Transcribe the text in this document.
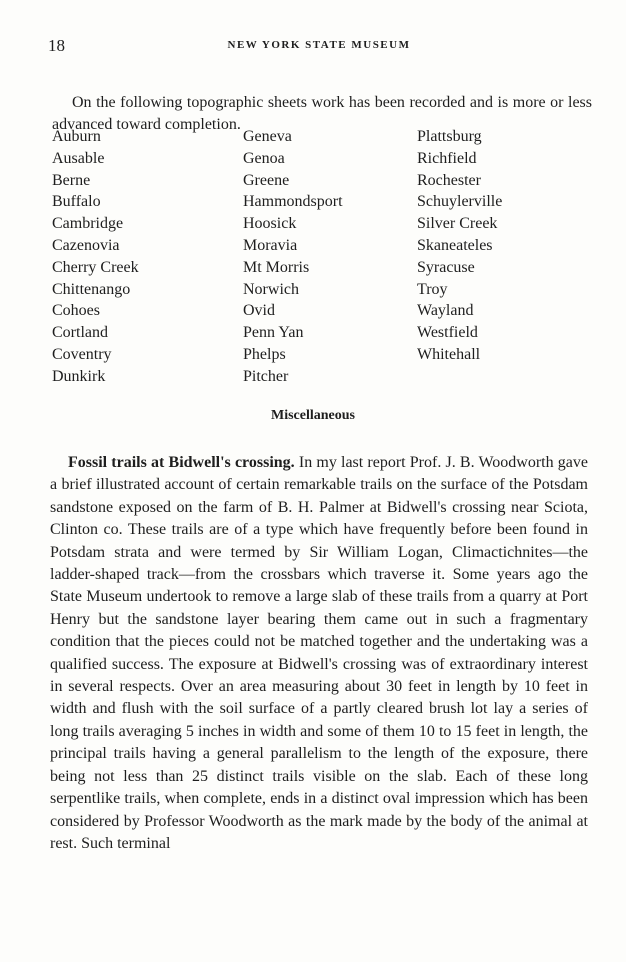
18	NEW YORK STATE MUSEUM

On the following topographic sheets work has been recorded and is more or less advanced toward completion.

Auburn
Ausable
Berne
Buffalo
Cambridge
Cazenovia
Cherry Creek
Chittenango
Cohoes
Cortland
Coventry
Dunkirk
Geneva
Genoa
Greene
Hammondsport
Hoosick
Moravia
Mt Morris
Norwich
Ovid
Penn Yan
Phelps
Pitcher
Plattsburg
Richfield
Rochester
Schuylerville
Silver Creek
Skaneateles
Syracuse
Troy
Wayland
Westfield
Whitehall
Miscellaneous

Fossil trails at Bidwell's crossing. In my last report Prof. J. B. Woodworth gave a brief illustrated account of certain remarkable trails on the surface of the Potsdam sandstone exposed on the farm of B. H. Palmer at Bidwell's crossing near Sciota, Clinton co. These trails are of a type which have frequently before been found in Potsdam strata and were termed by Sir William Logan, Climactichnites—the ladder-shaped track—from the crossbars which traverse it. Some years ago the State Museum undertook to remove a large slab of these trails from a quarry at Port Henry but the sandstone layer bearing them came out in such a fragmentary condition that the pieces could not be matched together and the undertaking was a qualified success. The exposure at Bidwell's crossing was of extraordinary interest in several respects. Over an area measuring about 30 feet in length by 10 feet in width and flush with the soil surface of a partly cleared brush lot lay a series of long trails averaging 5 inches in width and some of them 10 to 15 feet in length, the principal trails having a general parallelism to the length of the exposure, there being not less than 25 distinct trails visible on the slab. Each of these long serpentlike trails, when complete, ends in a distinct oval impression which has been considered by Professor Woodworth as the mark made by the body of the animal at rest. Such terminal
